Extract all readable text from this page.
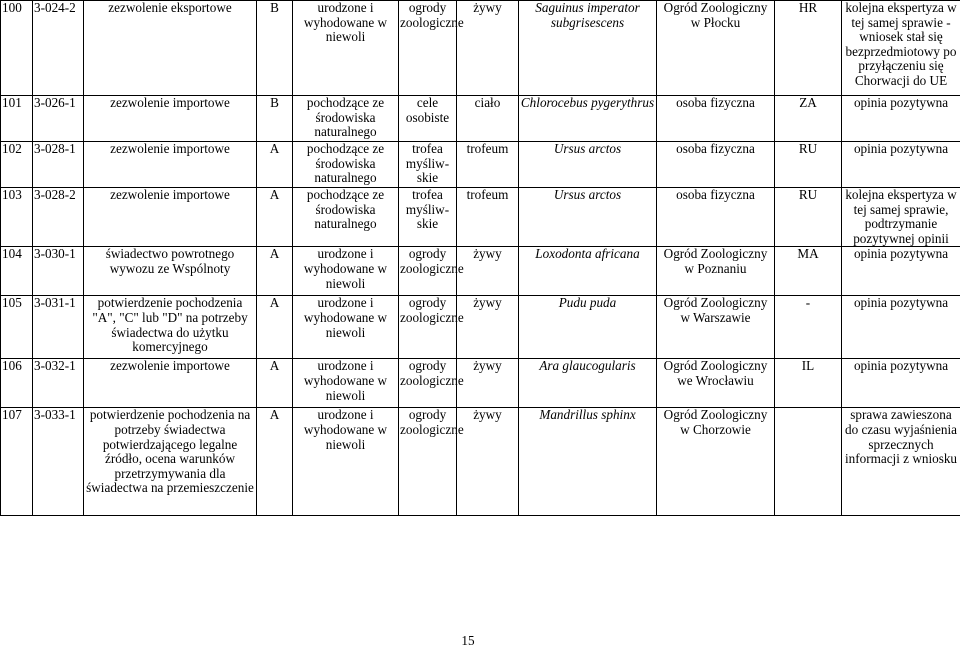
100	3-024-2	zezwolenie eksportowe	B	urodzone i wyhodowane w niewoli	ogrody zoologiczne	żywy	Saguinus imperator subgrisescens	Ogród Zoologiczny w Płocku	HR	kolejna ekspertyza w tej samej sprawie - wniosek stał się bezprzedmiotowy po przyłączeniu się Chorwacji do UE
101	3-026-1	zezwolenie importowe	B	pochodzące ze środowiska naturalnego	cele osobiste	ciało	Chlorocebus pygerythrus	osoba fizyczna	ZA	opinia pozytywna
102	3-028-1	zezwolenie importowe	A	pochodzące ze środowiska naturalnego	trofea myśliw-skie	trofeum	Ursus arctos	osoba fizyczna	RU	opinia pozytywna
103	3-028-2	zezwolenie importowe	A	pochodzące ze środowiska naturalnego	trofea myśliw-skie	trofeum	Ursus arctos	osoba fizyczna	RU	kolejna ekspertyza w tej samej sprawie, podtrzymanie pozytywnej opinii
104	3-030-1	świadectwo powrotnego wywozu ze Wspólnoty	A	urodzone i wyhodowane w niewoli	ogrody zoologiczne	żywy	Loxodonta africana	Ogród Zoologiczny w Poznaniu	MA	opinia pozytywna
105	3-031-1	potwierdzenie pochodzenia "A", "C" lub "D" na potrzeby świadectwa do użytku komercyjnego	A	urodzone i wyhodowane w niewoli	ogrody zoologiczne	żywy	Pudu puda	Ogród Zoologiczny w Warszawie	-	opinia pozytywna
106	3-032-1	zezwolenie importowe	A	urodzone i wyhodowane w niewoli	ogrody zoologiczne	żywy	Ara glaucogularis	Ogród Zoologiczny we Wrocławiu	IL	opinia pozytywna
107	3-033-1	potwierdzenie pochodzenia na potrzeby świadectwa potwierdzającego legalne źródło, ocena warunków przetrzymywania dla świadectwa na przemieszczenie	A	urodzone i wyhodowane w niewoli	ogrody zoologiczne	żywy	Mandrillus sphinx	Ogród Zoologiczny w Chorzowie		sprawa zawieszona do czasu wyjaśnienia sprzecznych informacji z wniosku
15
